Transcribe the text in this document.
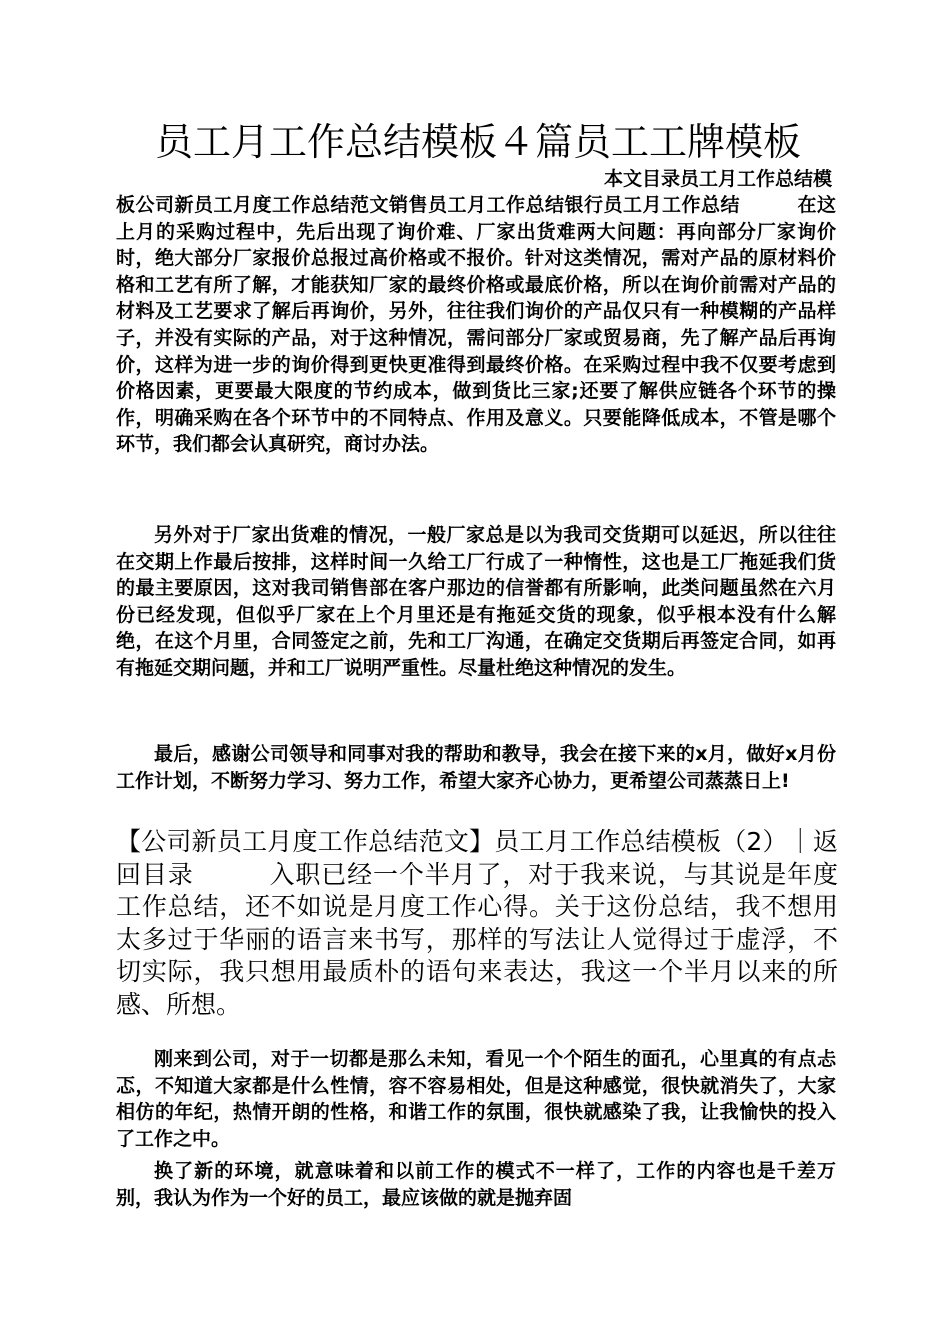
员工月工作总结模板４篇员工工牌模板
本文目录员工月工作总结模

板公司新员工月度工作总结范文销售员工月工作总结银行员工月工作总结	在这上月的采购过程中，先后出现了询价难、厂家出货难两大问题：再向部分厂家询价时，绝大部分厂家报价总报过高价格或不报价。针对这类情况，需对产品的原材料价格和工艺有所了解，才能获知厂家的最终价格或最底价格，所以在询价前需对产品的材料及工艺要求了解后再询价，另外，往往我们询价的产品仅只有一种模糊的产品样子，并没有实际的产品，对于这种情况，需问部分厂家或贸易商，先了解产品后再询价，这样为进一步的询价得到更快更准得到最终价格。在采购过程中我不仅要考虑到价格因素，更要最大限度的节约成本，做到货比三家;还要了解供应链各个环节的操作，明确采购在各个环节中的不同特点、作用及意义。只要能降低成本，不管是哪个环节，我们都会认真研究，商讨办法。

另外对于厂家出货难的情况，一般厂家总是以为我司交货期可以延迟，所以往往在交期上作最后按排，这样时间一久给工厂行成了一种惰性，这也是工厂拖延我们货的最主要原因，这对我司销售部在客户那边的信誉都有所影响，此类问题虽然在六月份已经发现，但似乎厂家在上个月里还是有拖延交货的现象，似乎根本没有什么解绝，在这个月里，合同签定之前，先和工厂沟通，在确定交货期后再签定合同，如再有拖延交期问题，并和工厂说明严重性。尽量杜绝这种情况的发生。

最后，感谢公司领导和同事对我的帮助和教导，我会在接下来的x月，做好x月份工作计划，不断努力学习、努力工作，希望大家齐心协力，更希望公司蒸蒸日上!

【公司新员工月度工作总结范文】员工月工作总结模板（2）｜返回目录	入职已经一个半月了，对于我来说，与其说是年度工作总结，还不如说是月度工作心得。关于这份总结，我不想用太多过于华丽的语言来书写，那样的写法让人觉得过于虚浮，不切实际，我只想用最质朴的语句来表达，我这一个半月以来的所感、所想。

刚来到公司，对于一切都是那么未知，看见一个个陌生的面孔，心里真的有点忐忑，不知道大家都是什么性情，容不容易相处，但是这种感觉，很快就消失了，大家相仿的年纪，热情开朗的性格，和谐工作的氛围，很快就感染了我，让我愉快的投入了工作之中。

换了新的环境，就意味着和以前工作的模式不一样了，工作的内容也是千差万别，我认为作为一个好的员工，最应该做的就是抛弃固
